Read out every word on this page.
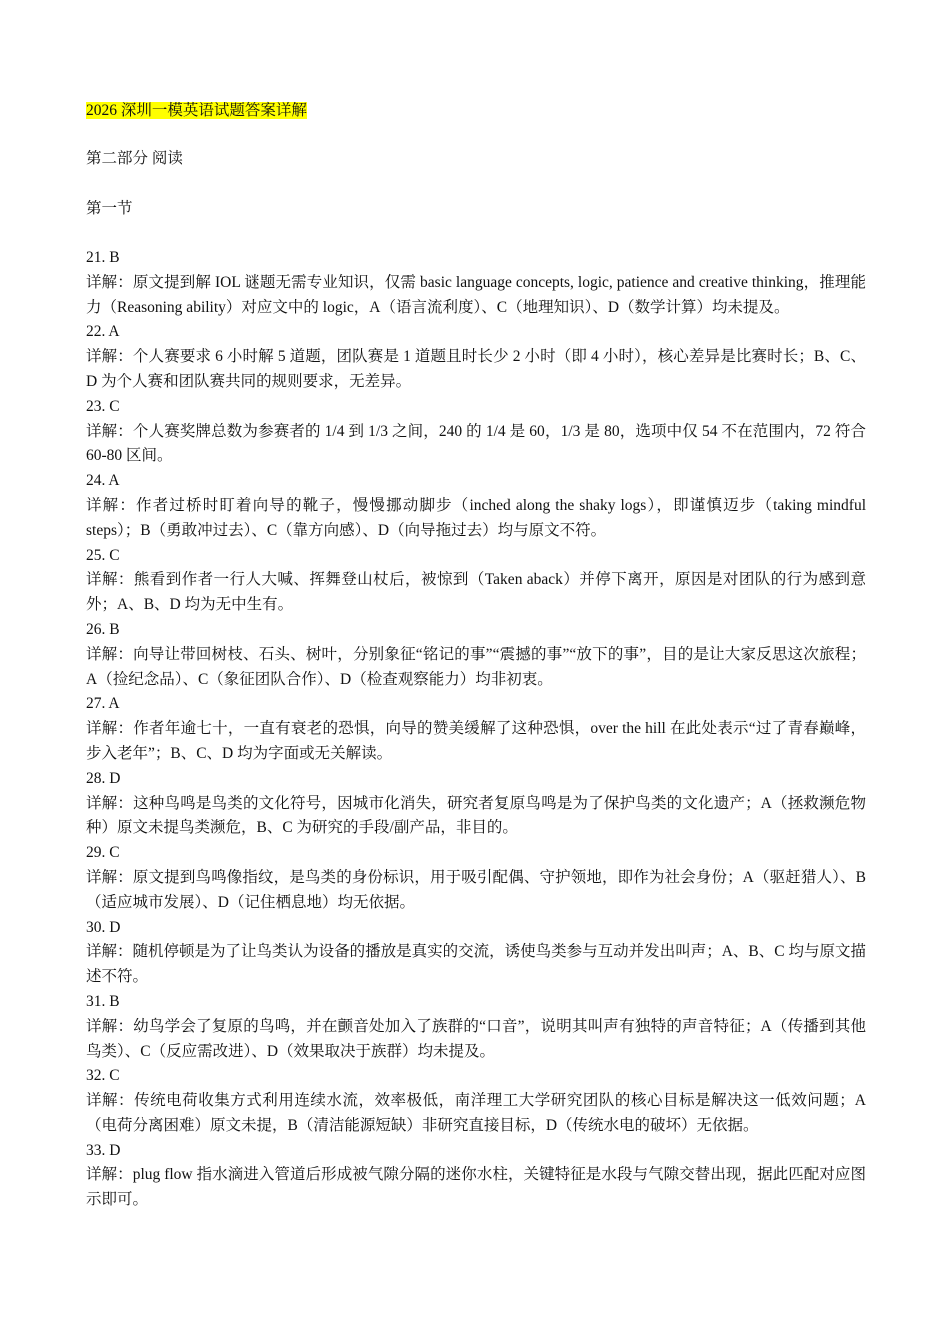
2026 深圳一模英语试题答案详解
第二部分 阅读
第一节
21. B
详解：原文提到解 IOL 谜题无需专业知识，仅需 basic language concepts, logic, patience and creative thinking，推理能力（Reasoning ability）对应文中的 logic，A（语言流利度）、C（地理知识）、D（数学计算）均未提及。
22. A
详解：个人赛要求 6 小时解 5 道题，团队赛是 1 道题且时长少 2 小时（即 4 小时），核心差异是比赛时长；B、C、D 为个人赛和团队赛共同的规则要求，无差异。
23. C
详解：个人赛奖牌总数为参赛者的 1/4 到 1/3 之间，240 的 1/4 是 60，1/3 是 80，选项中仅 54 不在范围内，72 符合 60-80 区间。
24. A
详解：作者过桥时盯着向导的靴子，慢慢挪动脚步（inched along the shaky logs），即谨慎迈步（taking mindful steps）；B（勇敢冲过去）、C（靠方向感）、D（向导拖过去）均与原文不符。
25. C
详解：熊看到作者一行人大喊、挥舞登山杖后，被惊到（Taken aback）并停下离开，原因是对团队的行为感到意外；A、B、D 均为无中生有。
26. B
详解：向导让带回树枝、石头、树叶，分别象征“铭记的事”“震撼的事”“放下的事”，目的是让大家反思这次旅程；A（捡纪念品）、C（象征团队合作）、D（检查观察能力）均非初衷。
27. A
详解：作者年逾七十，一直有衰老的恐惧，向导的赞美缓解了这种恐惧，over the hill 在此处表示“过了青春巅峰，步入老年”；B、C、D 均为字面或无关解读。
28. D
详解：这种鸟鸣是鸟类的文化符号，因城市化消失，研究者复原鸟鸣是为了保护鸟类的文化遗产；A（拯救濒危物种）原文未提鸟类濒危，B、C 为研究的手段/副产品，非目的。
29. C
详解：原文提到鸟鸣像指纹，是鸟类的身份标识，用于吸引配偶、守护领地，即作为社会身份；A（驱赶猎人）、B（适应城市发展）、D（记住栖息地）均无依据。
30. D
详解：随机停顿是为了让鸟类认为设备的播放是真实的交流，诱使鸟类参与互动并发出叫声；A、B、C 均与原文描述不符。
31. B
详解：幼鸟学会了复原的鸟鸣，并在颤音处加入了族群的“口音”，说明其叫声有独特的声音特征；A（传播到其他鸟类）、C（反应需改进）、D（效果取决于族群）均未提及。
32. C
详解：传统电荷收集方式利用连续水流，效率极低，南洋理工大学研究团队的核心目标是解决这一低效问题；A（电荷分离困难）原文未提，B（清洁能源短缺）非研究直接目标，D（传统水电的破坏）无依据。
33. D
详解：plug flow 指水滴进入管道后形成被气隙分隔的迷你水柱，关键特征是水段与气隙交替出现，据此匹配对应图示即可。
